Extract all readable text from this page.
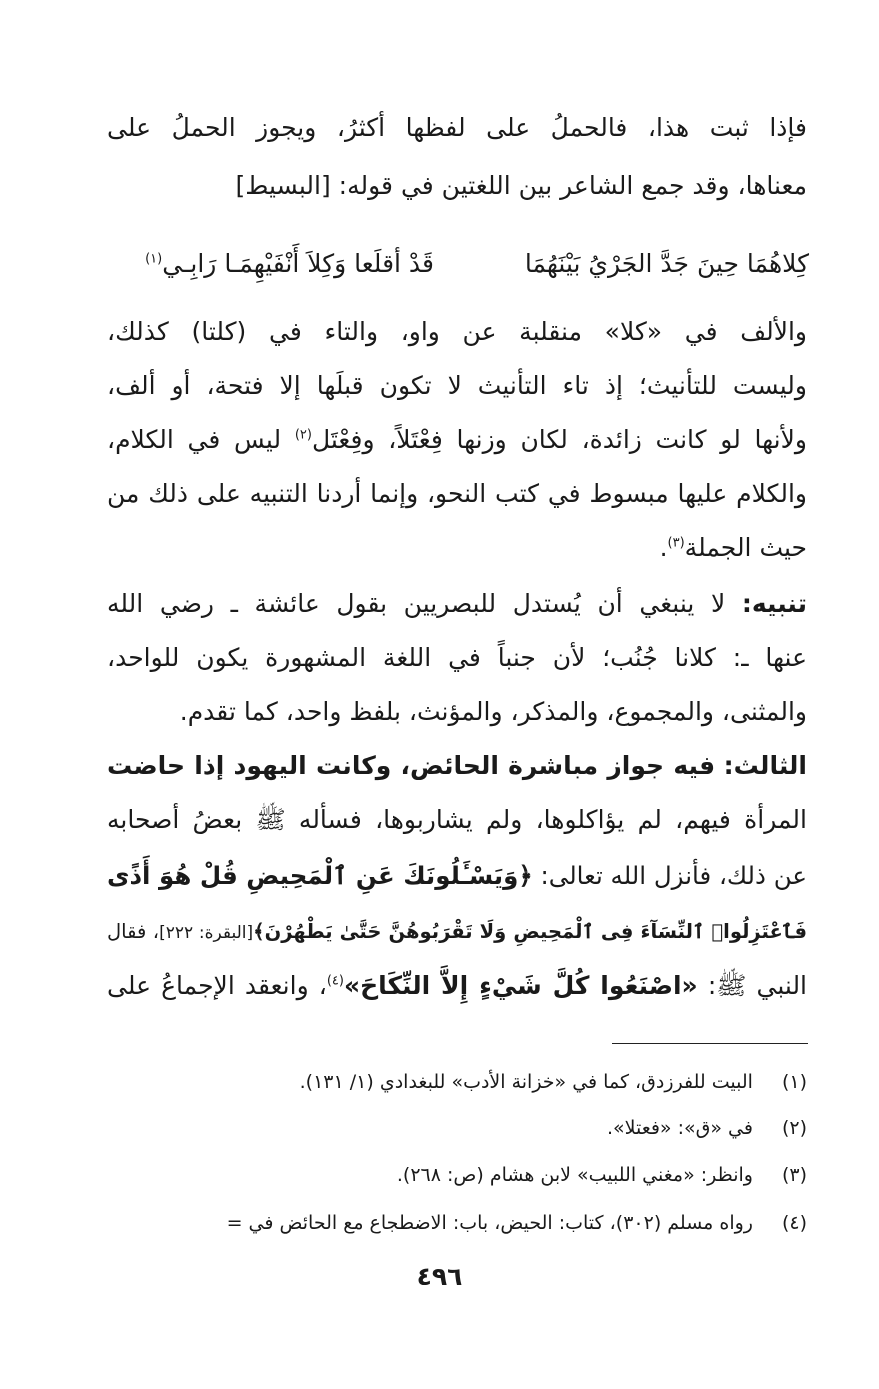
فإذا ثبت هذا، فالحملُ على لفظها أكثرُ، ويجوز الحملُ على
معناها، وقد جمع الشاعر بين اللغتين في قوله: [البسيط]
كِلاهُمَا حِينَ جَدَّ الجَرْيُ بَيْنَهُمَا
قَدْ أقلَعا وَكِلاَ أَنْفَيْهِمَـا رَابِـي$^{(١)}$
والألف في «كلا» منقلبة عن واو، والتاء في (كلتا) كذلك،
وليست للتأنيث؛ إذ تاء التأنيث لا تكون قبلَها إلا فتحة، أو ألف،
ولأنها لو كانت زائدة، لكان وزنها فِعْتَلاً، وفِعْتَل$^{(٢)}$ ليس في الكلام،
والكلام عليها مبسوط في كتب النحو، وإنما أردنا التنبيه على ذلك من
حيث الجملة$^{(٣)}$.
تنبيه: لا ينبغي أن يُستدل للبصريين بقول عائشة ـ رضي الله
عنها ـ: كلانا جُنُب؛ لأن جنباً في اللغة المشهورة يكون للواحد،
والمثنى، والمجموع، والمذكر، والمؤنث، بلفظ واحد، كما تقدم.
الثالث: فيه جواز مباشرة الحائض، وكانت اليهود إذا حاضت
المرأة فيهم، لم يؤاكلوها، ولم يشاربوها، فسأله ﷺ بعضُ أصحابه
عن ذلك، فأنزل الله تعالى: ﴿وَيَسْـَٔلُونَكَ عَنِ ٱلْمَحِيضِ قُلْ هُوَ أَذًى
فَٱعْتَزِلُوا۟ ٱلنِّسَآءَ فِى ٱلْمَحِيضِ وَلَا تَقْرَبُوهُنَّ حَتَّىٰ يَطْهُرْنَ﴾[البقرة: ٢٢٢]، فقال
النبي ﷺ: «اصْنَعُوا كُلَّ شَيْءٍ إِلاَّ النِّكَاحَ»$^{(٤)}$، وانعقد الإجماعُ على
(١) البيت للفرزدق، كما في «خزانة الأدب» للبغدادي (١/ ١٣١).
(٢) في «ق»: «فعتلا».
(٣) وانظر: «مغني اللبيب» لابن هشام (ص: ٢٦٨).
(٤) رواه مسلم (٣٠٢)، كتاب: الحيض، باب: الاضطجاع مع الحائض في =
٤٩٦
